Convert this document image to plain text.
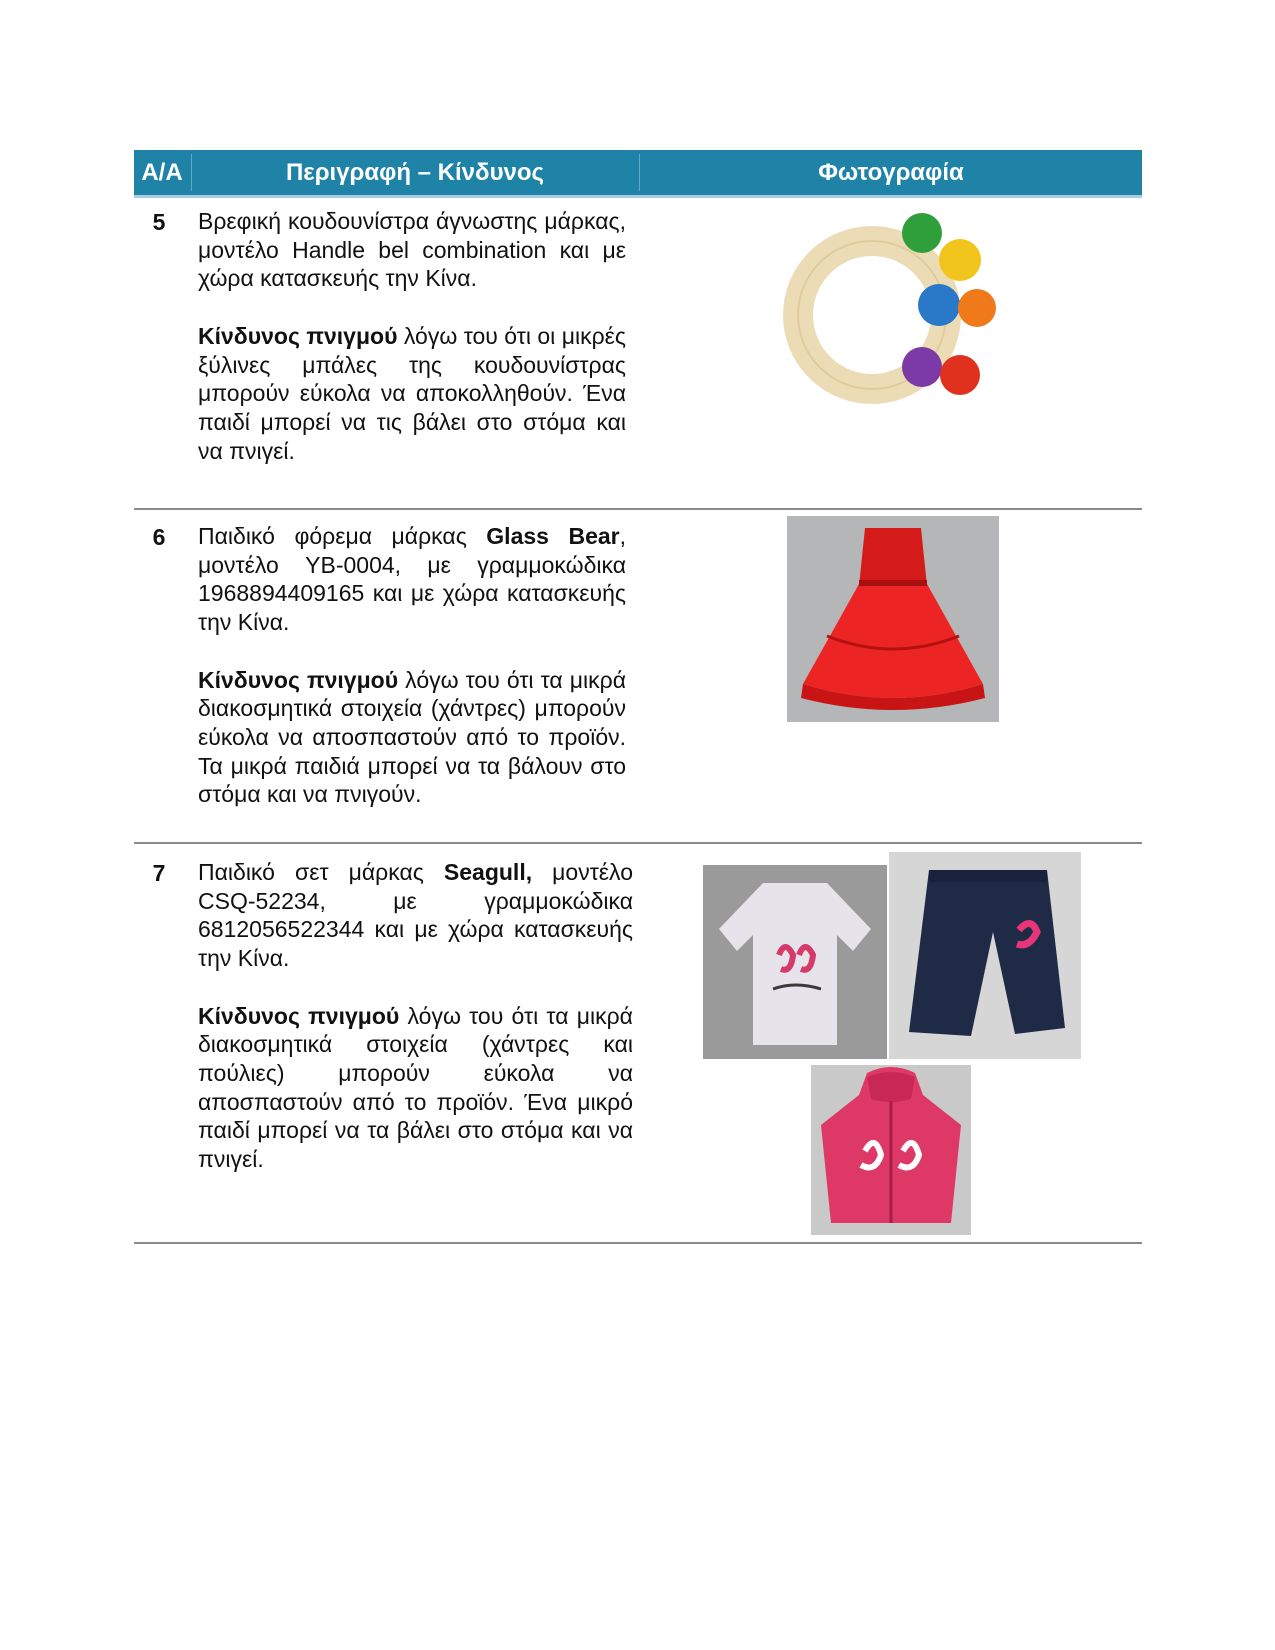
Α/Α	Περιγραφή – Κίνδυνος	Φωτογραφία
5 Βρεφική κουδουνίστρα άγνωστης μάρκας, μοντέλο Handle bel combination και με χώρα κατασκευής την Κίνα.

Κίνδυνος πνιγμού λόγω του ότι οι μικρές ξύλινες μπάλες της κουδουνίστρας μπορούν εύκολα να αποκολληθούν. Ένα παιδί μπορεί να τις βάλει στο στόμα και να πνιγεί.

6 Παιδικό φόρεμα μάρκας Glass Bear, μοντέλο YB-0004, με γραμμοκώδικα 1968894409165 και με χώρα κατασκευής την Κίνα.

Κίνδυνος πνιγμού λόγω του ότι τα μικρά διακοσμητικά στοιχεία (χάντρες) μπορούν εύκολα να αποσπαστούν από το προϊόν. Τα μικρά παιδιά μπορεί να τα βάλουν στο στόμα και να πνιγούν.

7 Παιδικό σετ μάρκας Seagull, μοντέλο CSQ-52234, με γραμμοκώδικα 6812056522344 και με χώρα κατασκευής την Κίνα.

Κίνδυνος πνιγμού λόγω του ότι τα μικρά διακοσμητικά στοιχεία (χάντρες και πούλιες) μπορούν εύκολα να αποσπαστούν από το προϊόν. Ένα μικρό παιδί μπορεί να τα βάλει στο στόμα και να πνιγεί.
